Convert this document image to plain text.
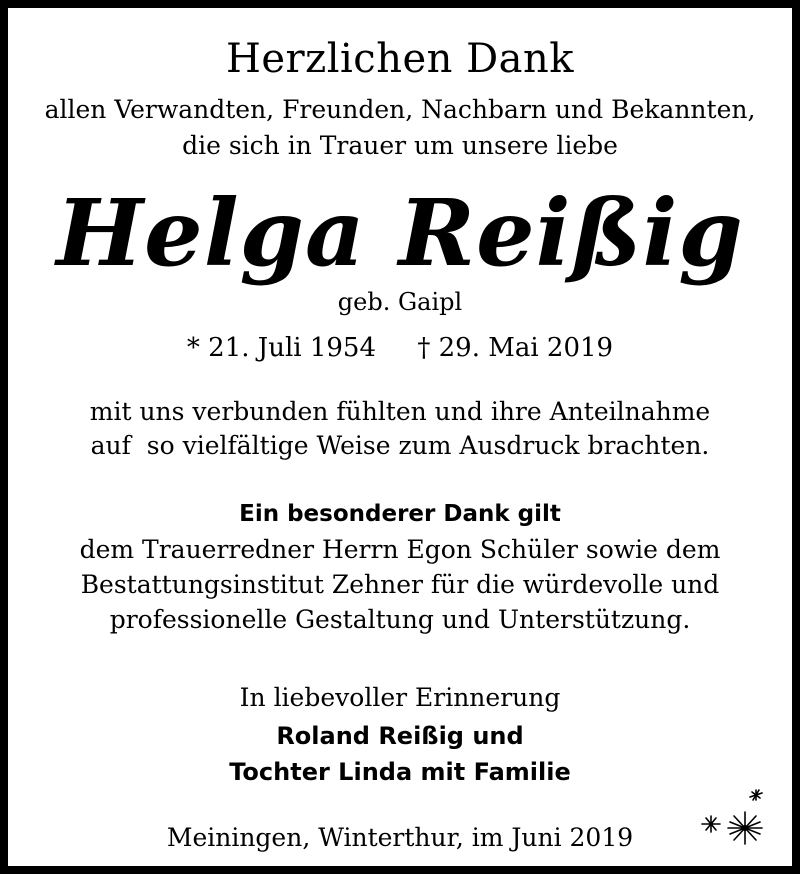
Herzlichen Dank
allen Verwandten, Freunden, Nachbarn und Bekannten,
die sich in Trauer um unsere liebe
Helga Reißig
geb. Gaipl
* 21. Juli 1954     † 29. Mai 2019
mit uns verbunden fühlten und ihre Anteilnahme
auf  so vielfältige Weise zum Ausdruck brachten.
Ein besonderer Dank gilt
dem Trauerredner Herrn Egon Schüler sowie dem
Bestattungsinstitut Zehner für die würdevolle und
professionelle Gestaltung und Unterstützung.
In liebevoller Erinnerung
Roland Reißig und
Tochter Linda mit Familie
Meiningen, Winterthur, im Juni 2019
